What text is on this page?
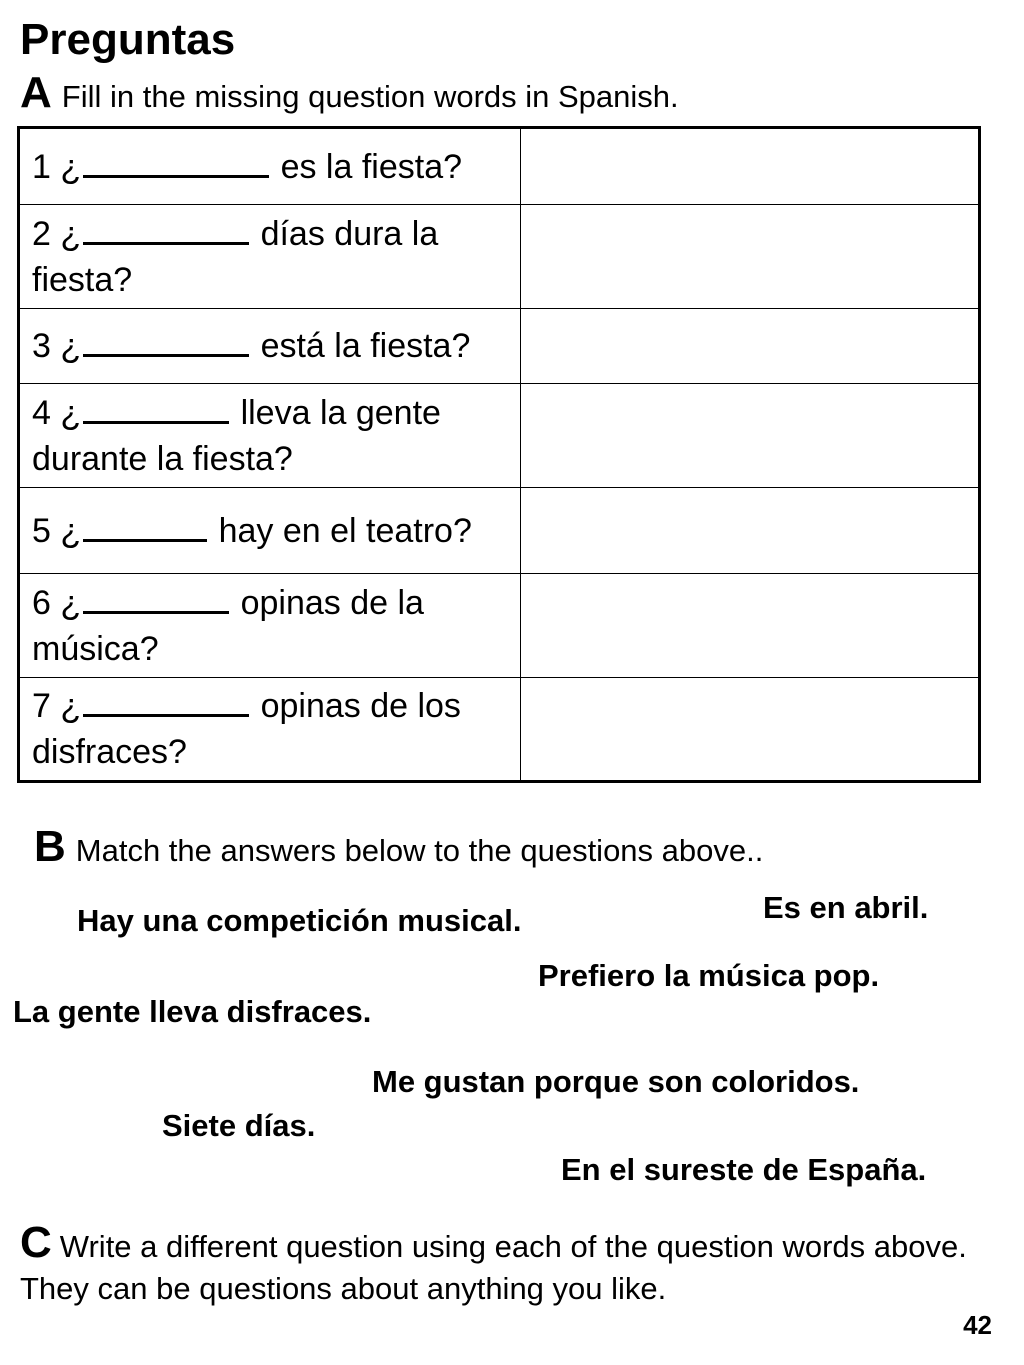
Preguntas
A Fill in the missing question words in Spanish.
1 ¿ es la fiesta?	
2 ¿ días dura la fiesta?	
3 ¿ está la fiesta?	
4 ¿ lleva la gente durante la fiesta?	
5 ¿ hay en el teatro?	
6 ¿ opinas de la música?	
7 ¿ opinas de los disfraces?	
B Match the answers below to the questions above..
Es en abril.
Hay una competición musical.
Prefiero la música pop.
La gente lleva disfraces.
Me gustan porque son coloridos.
Siete días.
En el sureste de España.
C Write a different question using each of the question words above. They can be questions about anything you like.
42
